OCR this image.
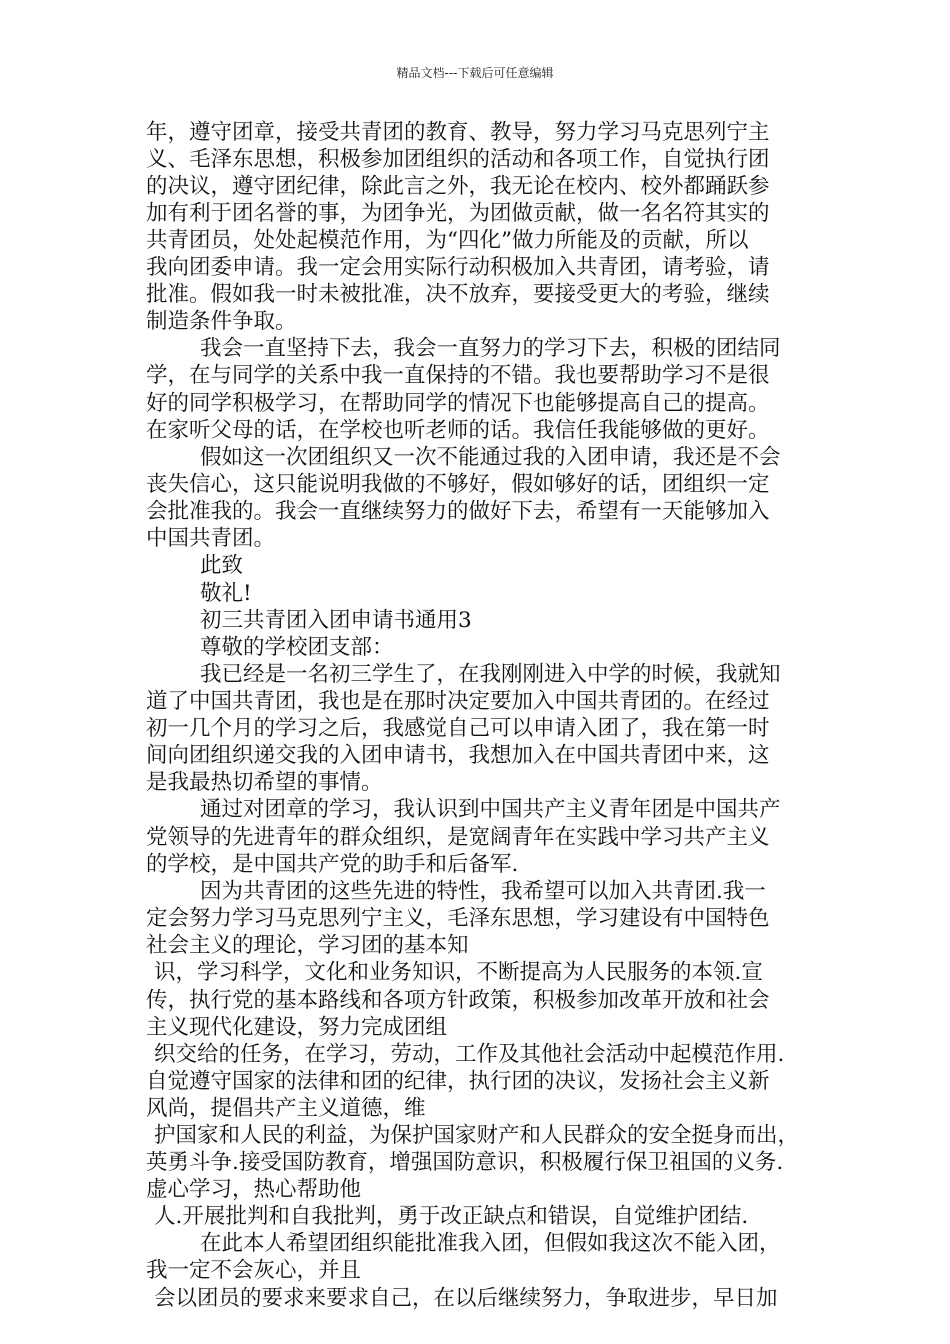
精品文档---下载后可任意编辑
年，遵守团章，接受共青团的教育、教导，努力学习马克思列宁主
义、毛泽东思想，积极参加团组织的活动和各项工作，自觉执行团
的决议，遵守团纪律，除此言之外，我无论在校内、校外都踊跃参
加有利于团名誉的事，为团争光，为团做贡献，做一名名符其实的
共青团员，处处起模范作用，为“四化”做力所能及的贡献，所以
我向团委申请。我一定会用实际行动积极加入共青团，请考验，请
批准。假如我一时未被批准，决不放弃，要接受更大的考验，继续
制造条件争取。
我会一直坚持下去，我会一直努力的学习下去，积极的团结同
学，在与同学的关系中我一直保持的不错。我也要帮助学习不是很
好的同学积极学习，在帮助同学的情况下也能够提高自己的提高。
在家听父母的话，在学校也听老师的话。我信任我能够做的更好。
假如这一次团组织又一次不能通过我的入团申请，我还是不会
丧失信心，这只能说明我做的不够好，假如够好的话，团组织一定
会批准我的。我会一直继续努力的做好下去，希望有一天能够加入
中国共青团。
此致
敬礼!
初三共青团入团申请书通用3
尊敬的学校团支部：
我已经是一名初三学生了，在我刚刚进入中学的时候，我就知
道了中国共青团，我也是在那时决定要加入中国共青团的。在经过
初一几个月的学习之后，我感觉自己可以申请入团了，我在第一时
间向团组织递交我的入团申请书，我想加入在中国共青团中来，这
是我最热切希望的事情。
通过对团章的学习，我认识到中国共产主义青年团是中国共产
党领导的先进青年的群众组织，是宽阔青年在实践中学习共产主义
的学校，是中国共产党的助手和后备军.
因为共青团的这些先进的特性，我希望可以加入共青团.我一
定会努力学习马克思列宁主义，毛泽东思想，学习建设有中国特色
社会主义的理论，学习团的基本知
识，学习科学，文化和业务知识，不断提高为人民服务的本领.宣
传，执行党的基本路线和各项方针政策，积极参加改革开放和社会
主义现代化建设，努力完成团组
织交给的任务，在学习，劳动，工作及其他社会活动中起模范作用.
自觉遵守国家的法律和团的纪律，执行团的决议，发扬社会主义新
风尚，提倡共产主义道德，维
护国家和人民的利益，为保护国家财产和人民群众的安全挺身而出，
英勇斗争.接受国防教育，增强国防意识，积极履行保卫祖国的义务.
虚心学习，热心帮助他
人.开展批判和自我批判，勇于改正缺点和错误，自觉维护团结.
在此本人希望团组织能批准我入团，但假如我这次不能入团，
我一定不会灰心，并且
会以团员的要求来要求自己，在以后继续努力，争取进步，早日加
